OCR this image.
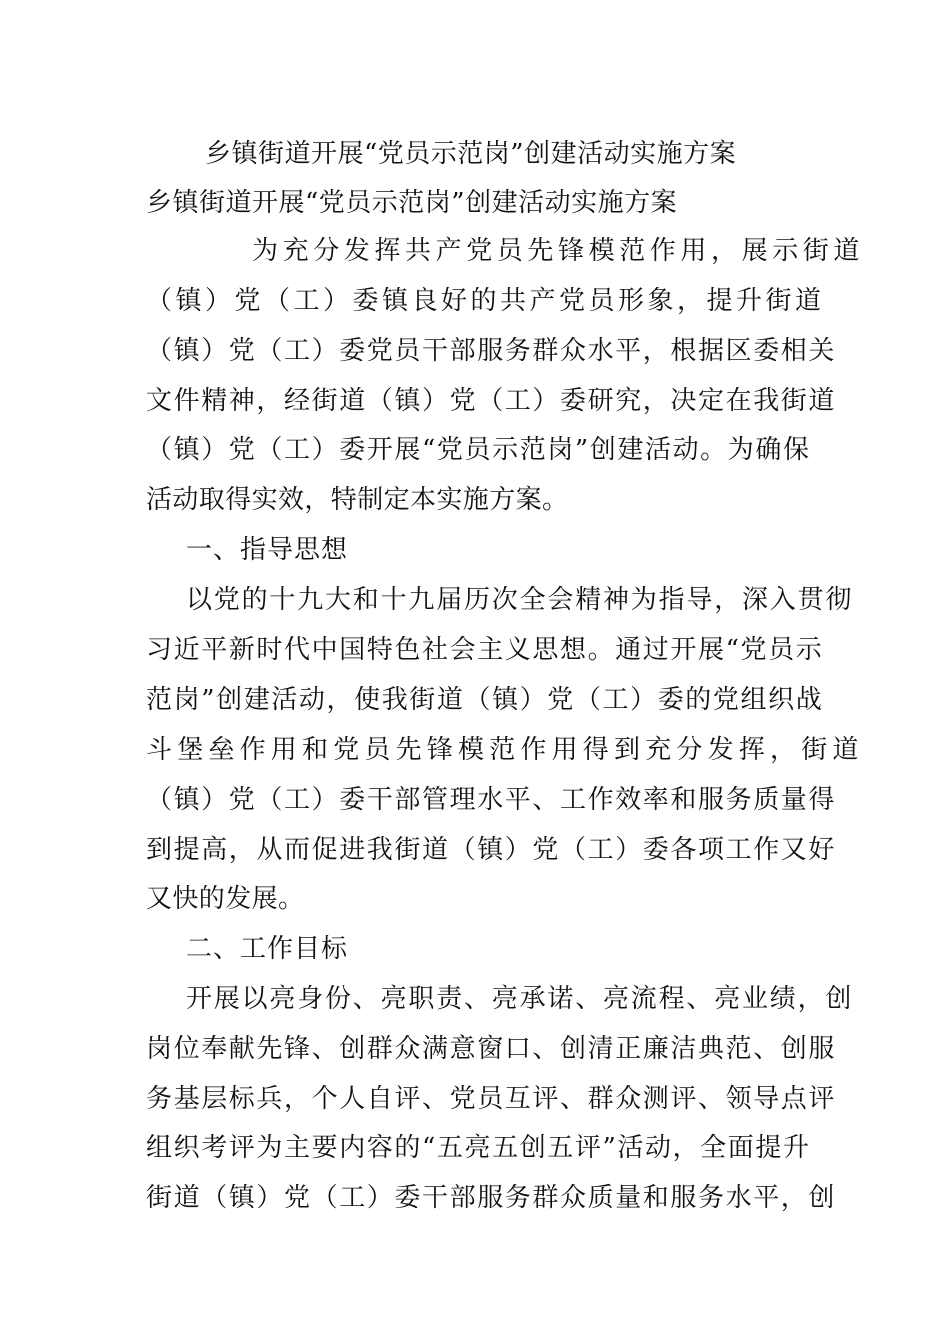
乡镇街道开展“党员示范岗”创建活动实施方案

乡镇街道开展“党员示范岗”创建活动实施方案

为充分发挥共产党员先锋模范作用，展示街道

（镇）党（工）委镇良好的共产党员形象，提升街道

（镇）党（工）委党员干部服务群众水平，根据区委相关

文件精神，经街道（镇）党（工）委研究，决定在我街道

（镇）党（工）委开展“党员示范岗”创建活动。为确保

活动取得实效，特制定本实施方案。

一、指导思想

以党的十九大和十九届历次全会精神为指导，深入贯彻

习近平新时代中国特色社会主义思想。通过开展“党员示

范岗”创建活动，使我街道（镇）党（工）委的党组织战

斗堡垒作用和党员先锋模范作用得到充分发挥，街道

（镇）党（工）委干部管理水平、工作效率和服务质量得

到提高，从而促进我街道（镇）党（工）委各项工作又好

又快的发展。

二、工作目标

开展以亮身份、亮职责、亮承诺、亮流程、亮业绩，创

岗位奉献先锋、创群众满意窗口、创清正廉洁典范、创服

务基层标兵，个人自评、党员互评、群众测评、领导点评

组织考评为主要内容的“五亮五创五评”活动，全面提升

街道（镇）党（工）委干部服务群众质量和服务水平，创
